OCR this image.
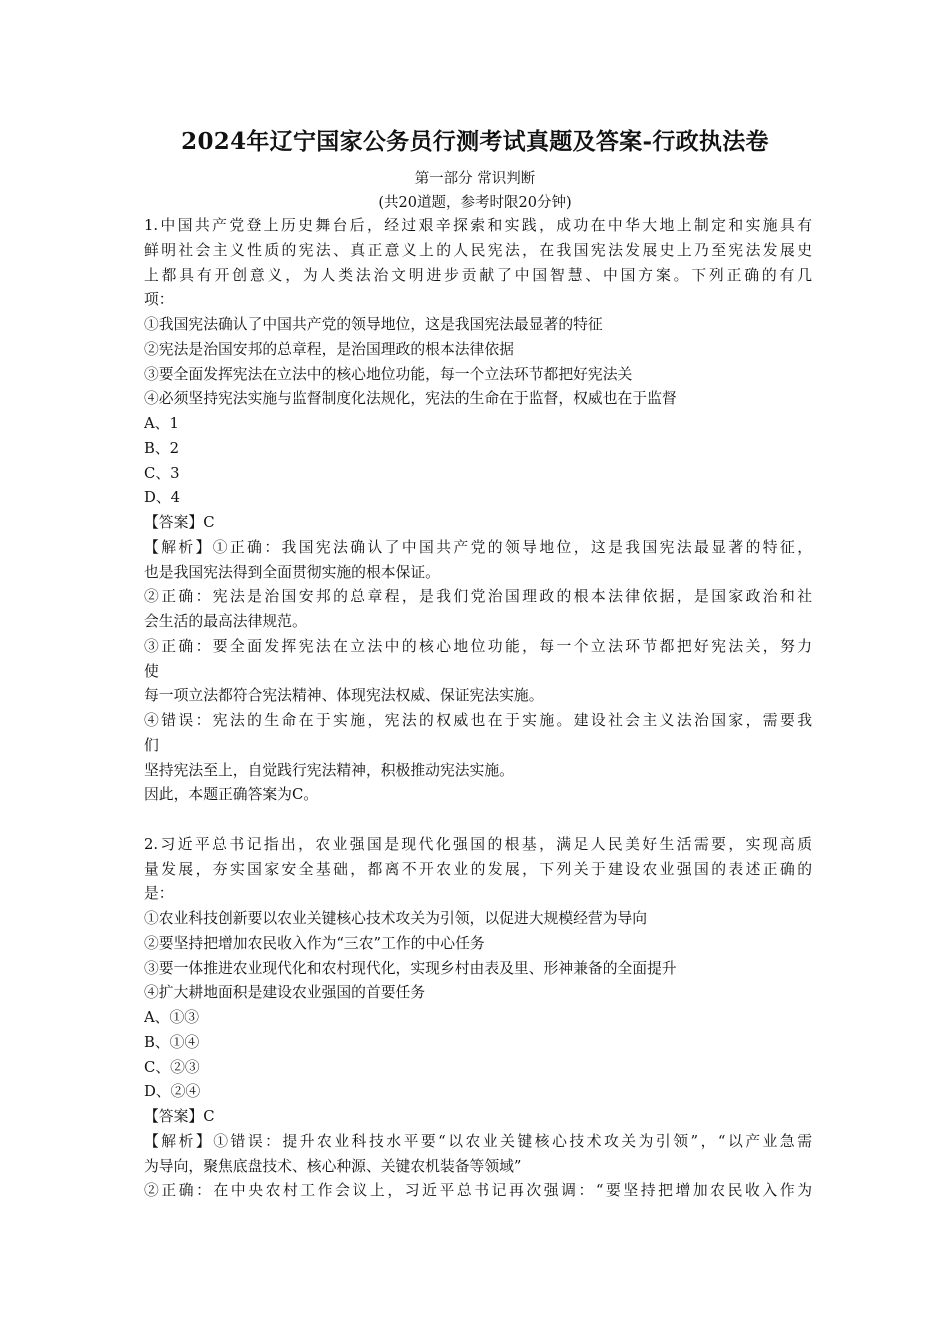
2024年辽宁国家公务员行测考试真题及答案-行政执法卷
第一部分 常识判断
(共20道题，参考时限20分钟)
1.中国共产党登上历史舞台后，经过艰辛探索和实践，成功在中华大地上制定和实施具有
鲜明社会主义性质的宪法、真正意义上的人民宪法，在我国宪法发展史上乃至宪法发展史
上都具有开创意义，为人类法治文明进步贡献了中国智慧、中国方案。下列正确的有几
项：
①我国宪法确认了中国共产党的领导地位，这是我国宪法最显著的特征
②宪法是治国安邦的总章程，是治国理政的根本法律依据
③要全面发挥宪法在立法中的核心地位功能，每一个立法环节都把好宪法关
④必须坚持宪法实施与监督制度化法规化，宪法的生命在于监督，权威也在于监督
A、1
B、2
C、3
D、4
【答案】C
【解析】①正确：我国宪法确认了中国共产党的领导地位，这是我国宪法最显著的特征，
也是我国宪法得到全面贯彻实施的根本保证。
②正确：宪法是治国安邦的总章程，是我们党治国理政的根本法律依据，是国家政治和社
会生活的最高法律规范。
③正确：要全面发挥宪法在立法中的核心地位功能，每一个立法环节都把好宪法关，努力
使
每一项立法都符合宪法精神、体现宪法权威、保证宪法实施。
④错误：宪法的生命在于实施，宪法的权威也在于实施。建设社会主义法治国家，需要我
们
坚持宪法至上，自觉践行宪法精神，积极推动宪法实施。
因此，本题正确答案为C。
2.习近平总书记指出，农业强国是现代化强国的根基，满足人民美好生活需要，实现高质
量发展，夯实国家安全基础，都离不开农业的发展，下列关于建设农业强国的表述正确的
是：
①农业科技创新要以农业关键核心技术攻关为引领，以促进大规模经营为导向
②要坚持把增加农民收入作为“三农”工作的中心任务
③要一体推进农业现代化和农村现代化，实现乡村由表及里、形神兼备的全面提升
④扩大耕地面积是建设农业强国的首要任务
A、①③
B、①④
C、②③
D、②④
【答案】C
【解析】①错误：提升农业科技水平要“以农业关键核心技术攻关为引领”，“以产业急需
为导向，聚焦底盘技术、核心种源、关键农机装备等领域”
②正确：在中央农村工作会议上，习近平总书记再次强调：“要坚持把增加农民收入作为
